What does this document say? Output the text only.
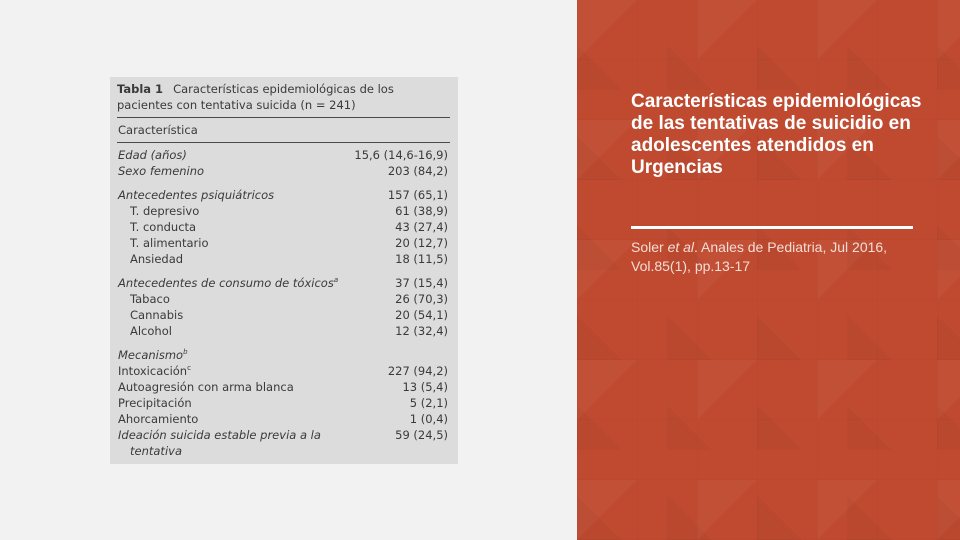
Tabla 1 Características epidemiológicas de los pacientes con tentativa suicida (n = 241)
Característica
Edad (años)	15,6 (14,6-16,9)
Sexo femenino	203 (84,2)
Antecedentes psiquiátricos	157 (65,1)
T. depresivo	61 (38,9)
T. conducta	43 (27,4)
T. alimentario	20 (12,7)
Ansiedad	18 (11,5)
Antecedentes de consumo de tóxicos$^a$	37 (15,4)
Tabaco	26 (70,3)
Cannabis	20 (54,1)
Alcohol	12 (32,4)
Mecanismo$^b$
Intoxicación$^c$	227 (94,2)
Autoagresión con arma blanca	13 (5,4)
Precipitación	5 (2,1)
Ahorcamiento	1 (0,4)
Ideación suicida estable previa a la	59 (24,5)
tentativa
Características epidemiológicas de las tentativas de suicidio en adolescentes atendidos en Urgencias
Soler et al. Anales de Pediatria, Jul 2016, Vol.85(1), pp.13-17
